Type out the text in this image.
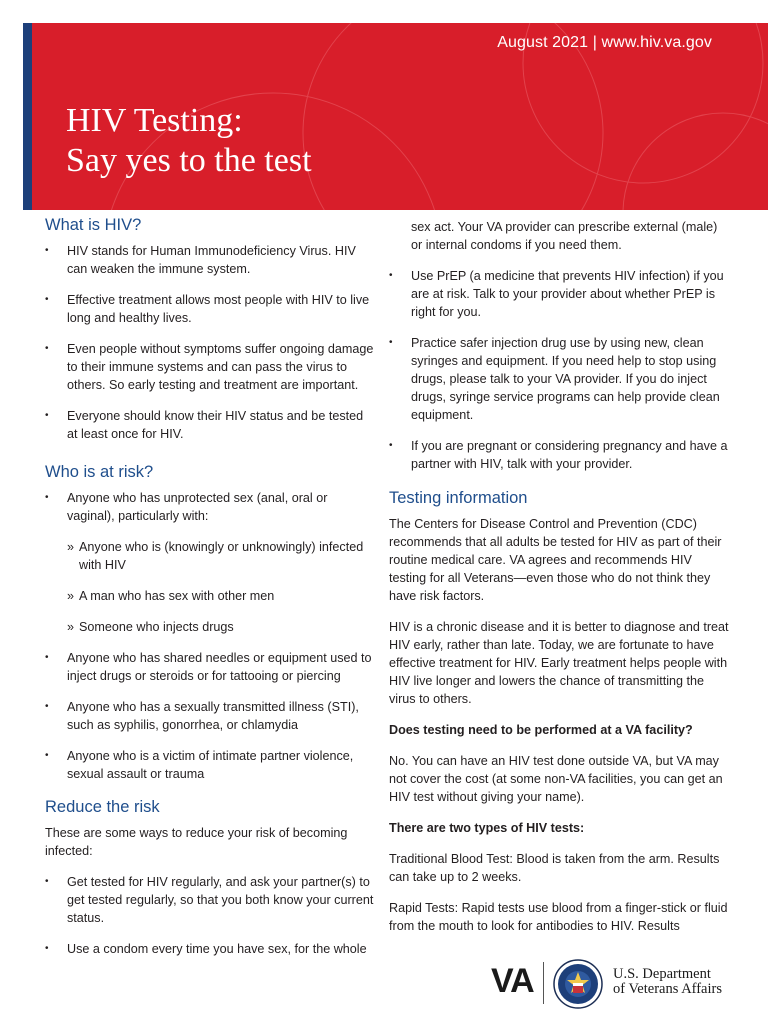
August 2021 | www.hiv.va.gov
HIV Testing:
Say yes to the test
What is HIV?
• HIV stands for Human Immunodeficiency Virus. HIV can weaken the immune system.
• Effective treatment allows most people with HIV to live long and healthy lives.
• Even people without symptoms suffer ongoing damage to their immune systems and can pass the virus to others. So early testing and treatment are important.
• Everyone should know their HIV status and be tested at least once for HIV.
Who is at risk?
• Anyone who has unprotected sex (anal, oral or vaginal), particularly with:
» Anyone who is (knowingly or unknowingly) infected with HIV
» A man who has sex with other men
» Someone who injects drugs
• Anyone who has shared needles or equipment used to inject drugs or steroids or for tattooing or piercing
• Anyone who has a sexually transmitted illness (STI), such as syphilis, gonorrhea, or chlamydia
• Anyone who is a victim of intimate partner violence, sexual assault or trauma
Reduce the risk

These are some ways to reduce your risk of becoming infected:

• Get tested for HIV regularly, and ask your partner(s) to get tested regularly, so that you both know your current status.
• Use a condom every time you have sex, for the whole

sex act. Your VA provider can prescribe external (male) or internal condoms if you need them.

• Use PrEP (a medicine that prevents HIV infection) if you are at risk. Talk to your provider about whether PrEP is right for you.
• Practice safer injection drug use by using new, clean syringes and equipment. If you need help to stop using drugs, please talk to your VA provider. If you do inject drugs, syringe service programs can help provide clean equipment.
• If you are pregnant or considering pregnancy and have a partner with HIV, talk with your provider.
Testing information

The Centers for Disease Control and Prevention (CDC) recommends that all adults be tested for HIV as part of their routine medical care. VA agrees and recommends HIV testing for all Veterans—even those who do not think they have risk factors.

HIV is a chronic disease and it is better to diagnose and treat HIV early, rather than late. Today, we are fortunate to have effective treatment for HIV. Early treatment helps people with HIV live longer and lowers the chance of transmitting the virus to others.

Does testing need to be performed at a VA facility?

No. You can have an HIV test done outside VA, but VA may not cover the cost (at some non-VA facilities, you can get an HIV test without giving your name).

There are two types of HIV tests:

Traditional Blood Test: Blood is taken from the arm. Results can take up to 2 weeks.

Rapid Tests: Rapid tests use blood from a finger-stick or fluid from the mouth to look for antibodies to HIV. Results

VA	U.S. Department
of Veterans Affairs
